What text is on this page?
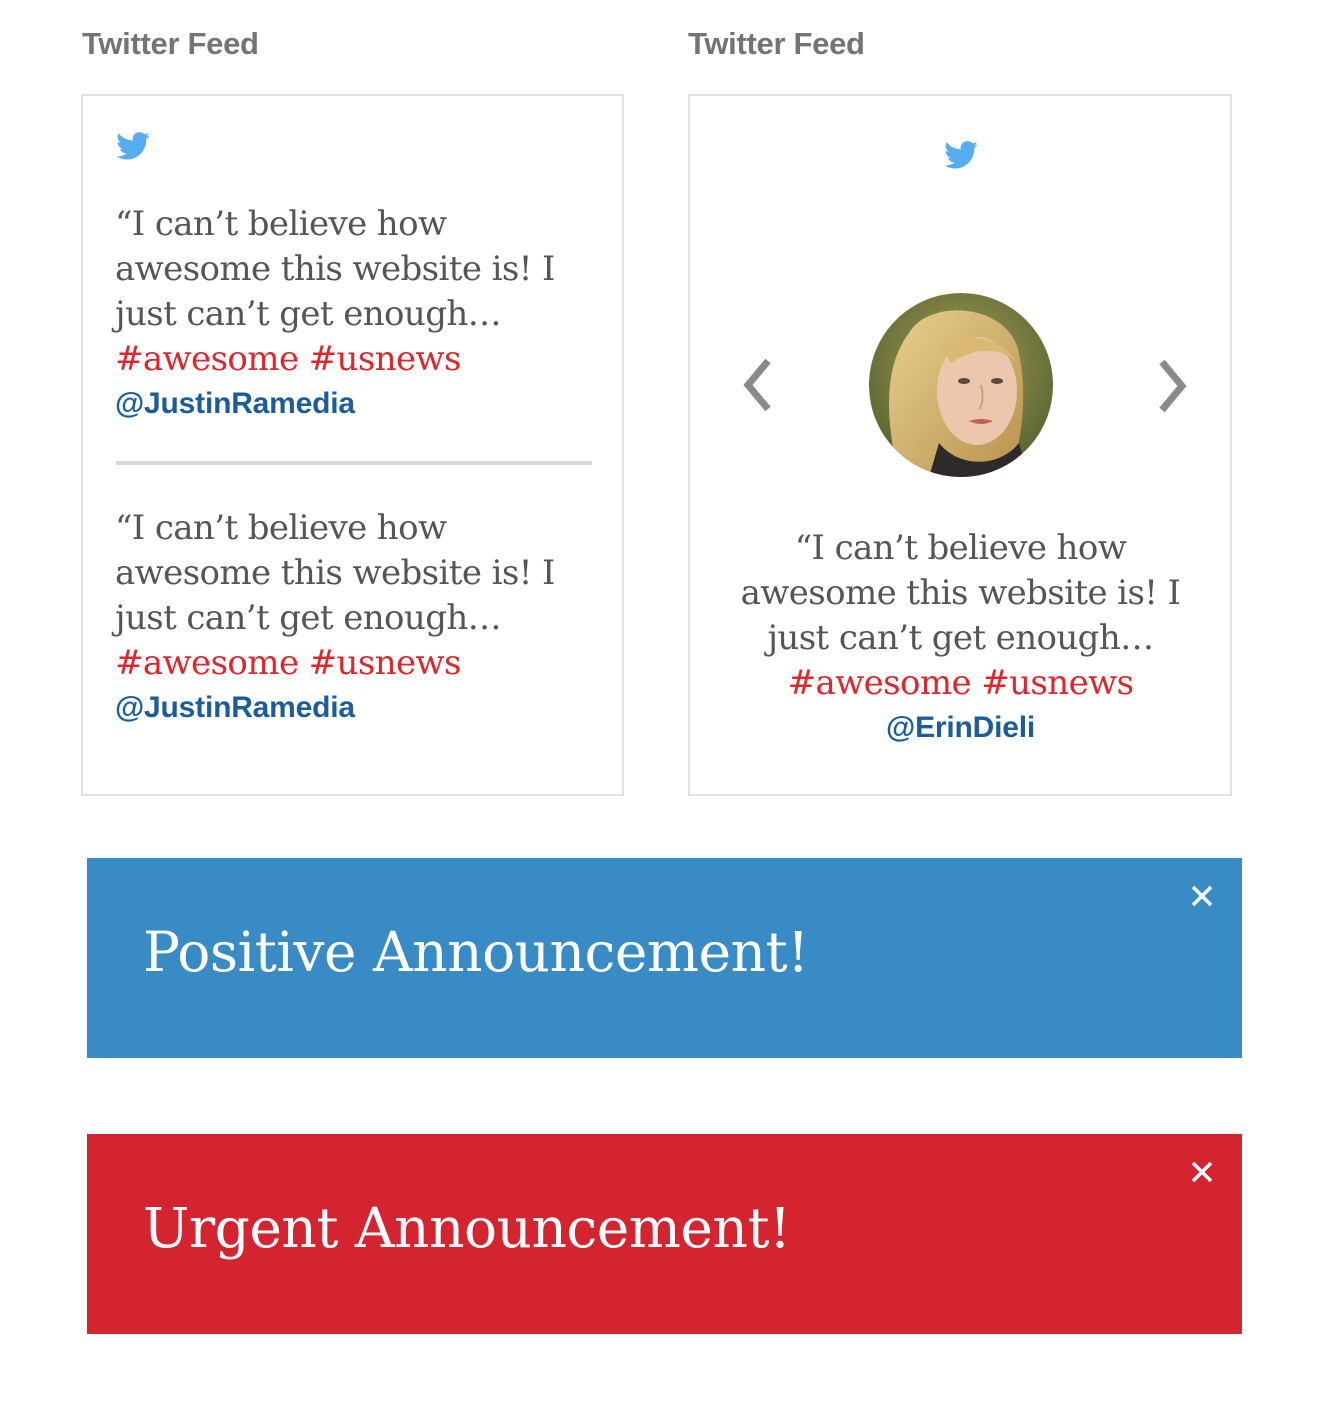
Twitter Feed
“I can’t believe how awesome this website is! I just can’t get enough…
#awesome #usnews
@JustinRamedia
“I can’t believe how awesome this website is! I just can’t get enough…
#awesome #usnews
@JustinRamedia
Twitter Feed
“I can’t believe how awesome this website is! I just can’t get enough…
#awesome #usnews
@ErinDieli
Positive Announcement!
Urgent Announcement!
